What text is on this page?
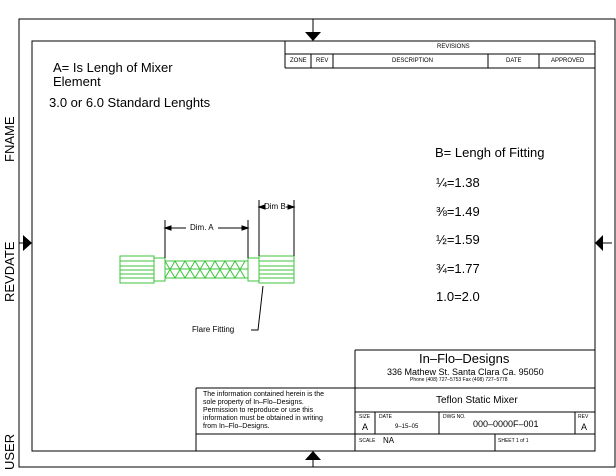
FNAME
REVDATE
USER
REVISIONS
ZONE REV	DESCRIPTION	DATE	APPROVED
A= Is Lengh of Mixer
Element
3.0 or 6.0 Standard Lenghts
B= Lengh of Fitting
¼=1.38
⅜=1.49
½=1.59
¾=1.77
1.0=2.0
Dim. A
Dim B
Flare Fitting
In–Flo–Designs
336 Mathew St. Santa Clara Ca. 95050
Phone (408) 727–5753 Fax (408) 727–5778
The information contained herein is the
sole property of In–Flo–Designs.
Permission to reproduce or use this
information must be obtained in writing
from In–Flo–Designs.
Teflon Static Mixer
SIZE
A
DATE
9–15–05
DWG NO.
000–0000F–001
REV
A
SCALE NA	SHEET 1 of 1
